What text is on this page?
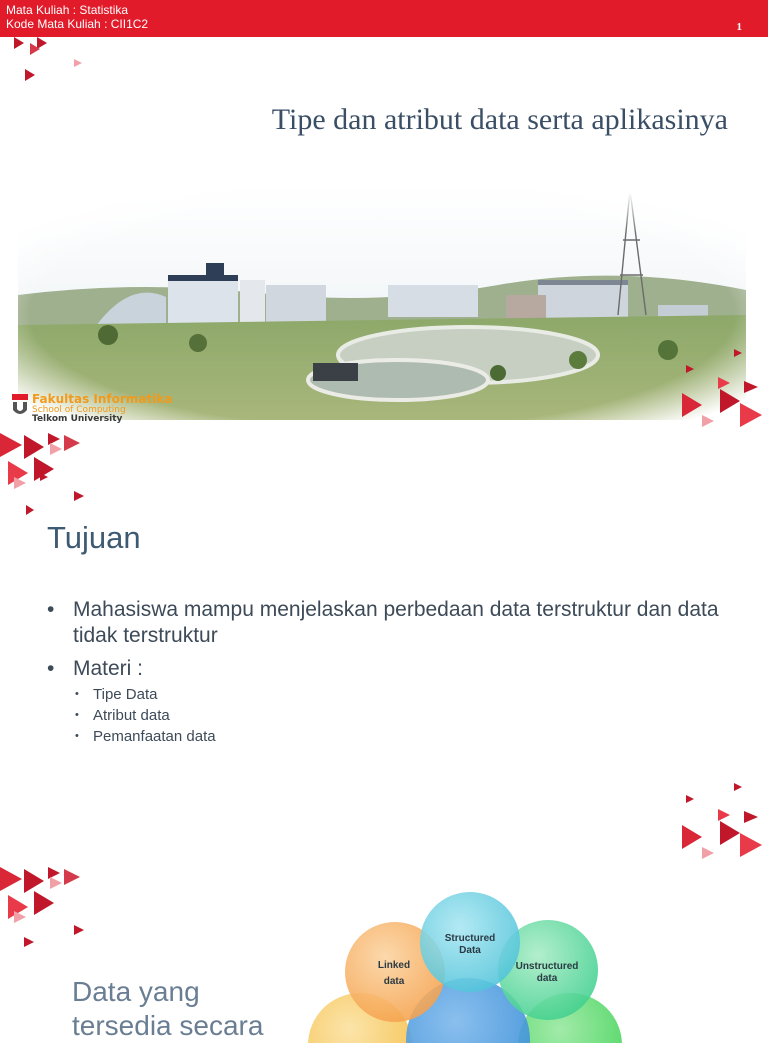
Mata Kuliah : Statistika
Kode Mata Kuliah : CII1C2	1
Tipe dan atribut data serta aplikasinya
Fakultas Informatika
School of Computing
Telkom University
Tujuan
• Mahasiswa mampu menjelaskan perbedaan data terstruktur dan data tidak terstruktur
• Materi :
• Tipe Data
• Atribut data
• Pemanfaatan data
Data yang tersedia secara
Structured
Data
Linked
data
Unstructured
data
